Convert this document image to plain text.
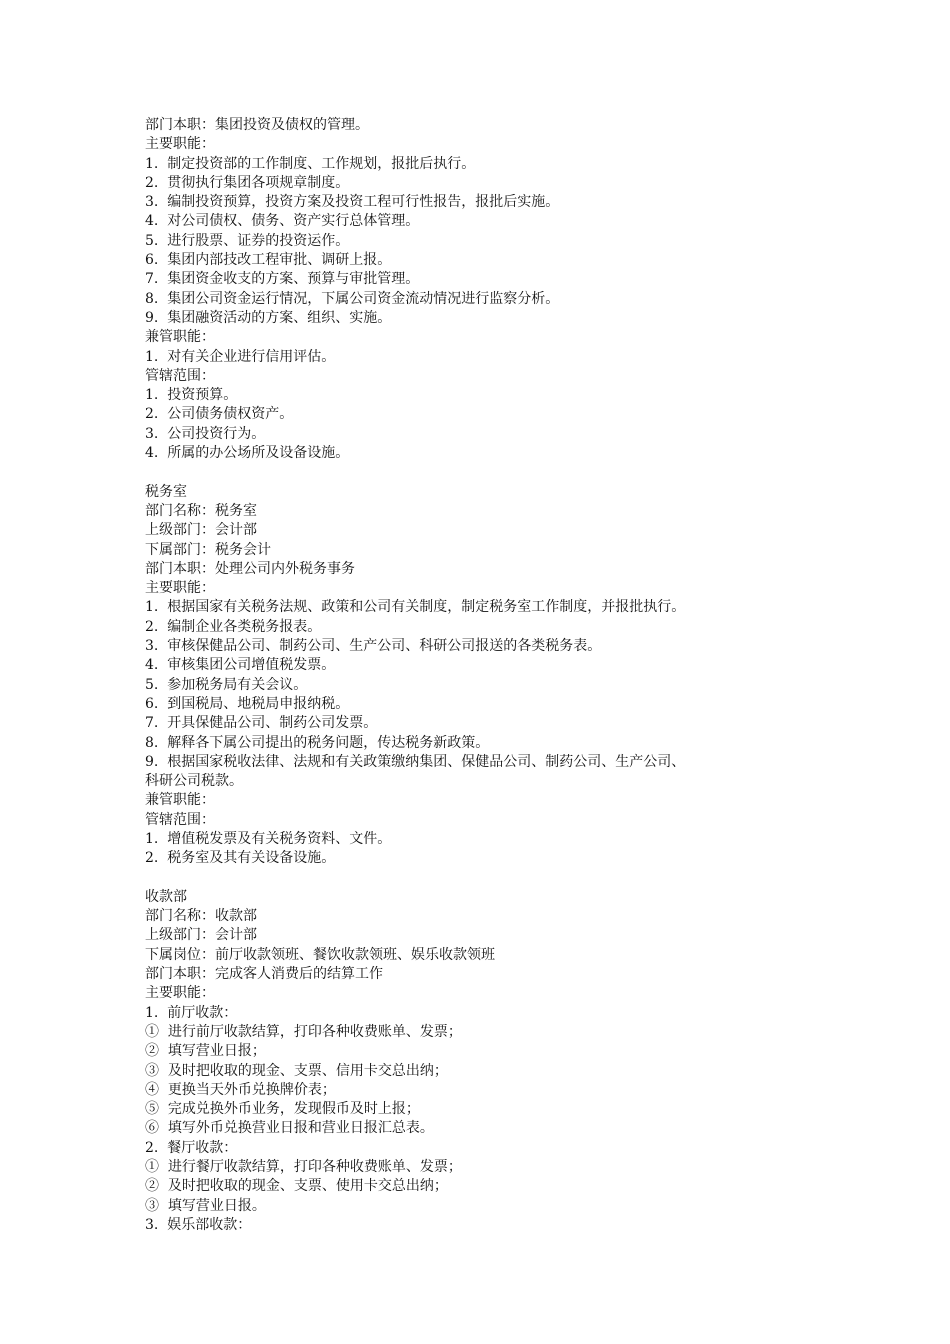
部门本职：集团投资及债权的管理。
主要职能：
1.  制定投资部的工作制度、工作规划，报批后执行。
2.  贯彻执行集团各项规章制度。
3.  编制投资预算，投资方案及投资工程可行性报告，报批后实施。
4.  对公司债权、债务、资产实行总体管理。
5.  进行股票、证券的投资运作。
6.  集团内部技改工程审批、调研上报。
7.  集团资金收支的方案、预算与审批管理。
8.  集团公司资金运行情况，下属公司资金流动情况进行监察分析。
9.  集团融资活动的方案、组织、实施。
兼管职能：
1.  对有关企业进行信用评估。
管辖范围：
1.  投资预算。
2.  公司债务债权资产。
3.  公司投资行为。
4.  所属的办公场所及设备设施。
税务室
部门名称：税务室
上级部门：会计部
下属部门：税务会计
部门本职：处理公司内外税务事务
主要职能：
1.  根据国家有关税务法规、政策和公司有关制度，制定税务室工作制度，并报批执行。
2.  编制企业各类税务报表。
3.  审核保健品公司、制药公司、生产公司、科研公司报送的各类税务表。
4.  审核集团公司增值税发票。
5.  参加税务局有关会议。
6.  到国税局、地税局申报纳税。
7.  开具保健品公司、制药公司发票。
8.  解释各下属公司提出的税务问题，传达税务新政策。
9.  根据国家税收法律、法规和有关政策缴纳集团、保健品公司、制药公司、生产公司、
科研公司税款。
兼管职能：
管辖范围：
1.  增值税发票及有关税务资料、文件。
2.  税务室及其有关设备设施。
收款部
部门名称：收款部
上级部门：会计部
下属岗位：前厅收款领班、餐饮收款领班、娱乐收款领班
部门本职：完成客人消费后的结算工作
主要职能：
1.  前厅收款：
①  进行前厅收款结算，打印各种收费账单、发票；
②  填写营业日报；
③  及时把收取的现金、支票、信用卡交总出纳；
④  更换当天外币兑换牌价表；
⑤  完成兑换外币业务，发现假币及时上报；
⑥  填写外币兑换营业日报和营业日报汇总表。
2.  餐厅收款：
①  进行餐厅收款结算，打印各种收费账单、发票；
②  及时把收取的现金、支票、使用卡交总出纳；
③  填写营业日报。
3.  娱乐部收款：
